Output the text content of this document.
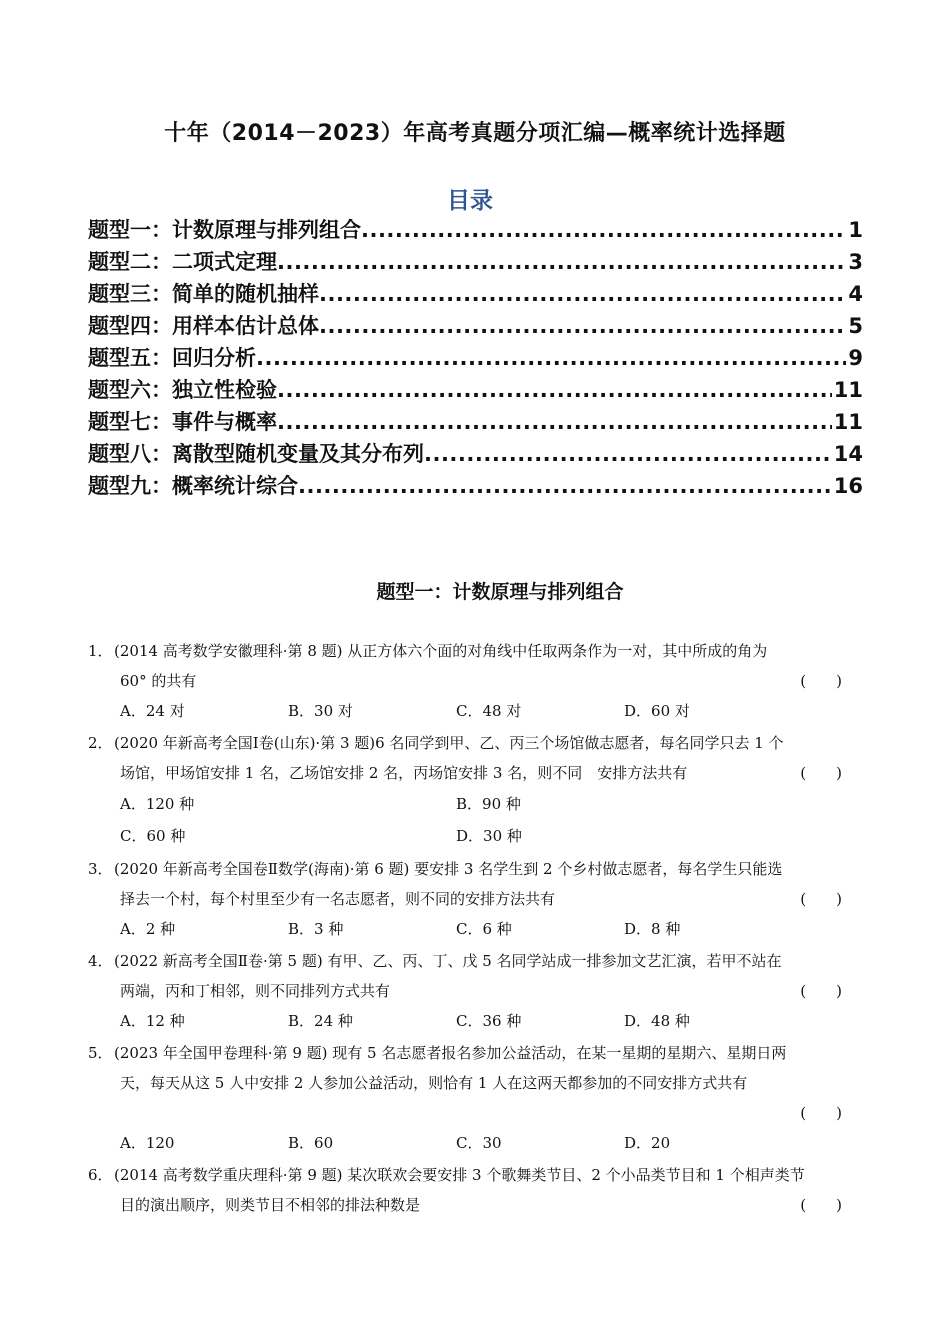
十年（2014－2023）年高考真题分项汇编—概率统计选择题
目录
题型一：计数原理与排列组合 .....	1
题型二：二项式定理 .....	3
题型三：简单的随机抽样 .....	4
题型四：用样本估计总体 .....	5
题型五：回归分析 .....	9
题型六：独立性检验 .....	11
题型七：事件与概率 .....	11
题型八：离散型随机变量及其分布列 .....	14
题型九：概率统计综合 .....	16
题型一：计数原理与排列组合
1． (2014 高考数学安徽理科·第 8 题) 从正方体六个面的对角线中任取两条作为一对，其中所成的角为
60° 的共有	(　　)
A．24 对	B．30 对	C．48 对	D．60 对
2． (2020 年新高考全国Ⅰ卷(山东)·第 3 题)6 名同学到甲、乙、丙三个场馆做志愿者，每名同学只去 1 个
场馆，甲场馆安排 1 名，乙场馆安排 2 名，丙场馆安排 3 名，则不同　安排方法共有	(　　)
A．120 种	B．90 种
C．60 种	D．30 种
3． (2020 年新高考全国卷Ⅱ数学(海南)·第 6 题) 要安排 3 名学生到 2 个乡村做志愿者，每名学生只能选
择去一个村，每个村里至少有一名志愿者，则不同的安排方法共有	(　　)
A．2 种	B．3 种	C．6 种	D．8 种
4． (2022 新高考全国Ⅱ卷·第 5 题) 有甲、乙、丙、丁、戊 5 名同学站成一排参加文艺汇演，若甲不站在
两端，丙和丁相邻，则不同排列方式共有	(　　)
A．12 种	B．24 种	C．36 种	D．48 种
5． (2023 年全国甲卷理科·第 9 题) 现有 5 名志愿者报名参加公益活动，在某一星期的星期六、星期日两
天，每天从这 5 人中安排 2 人参加公益活动，则恰有 1 人在这两天都参加的不同安排方式共有
(　　)
A．120	B．60	C．30	D．20
6． (2014 高考数学重庆理科·第 9 题) 某次联欢会要安排 3 个歌舞类节目、2 个小品类节目和 1 个相声类节
目的演出顺序，则类节目不相邻的排法种数是	(　　)
